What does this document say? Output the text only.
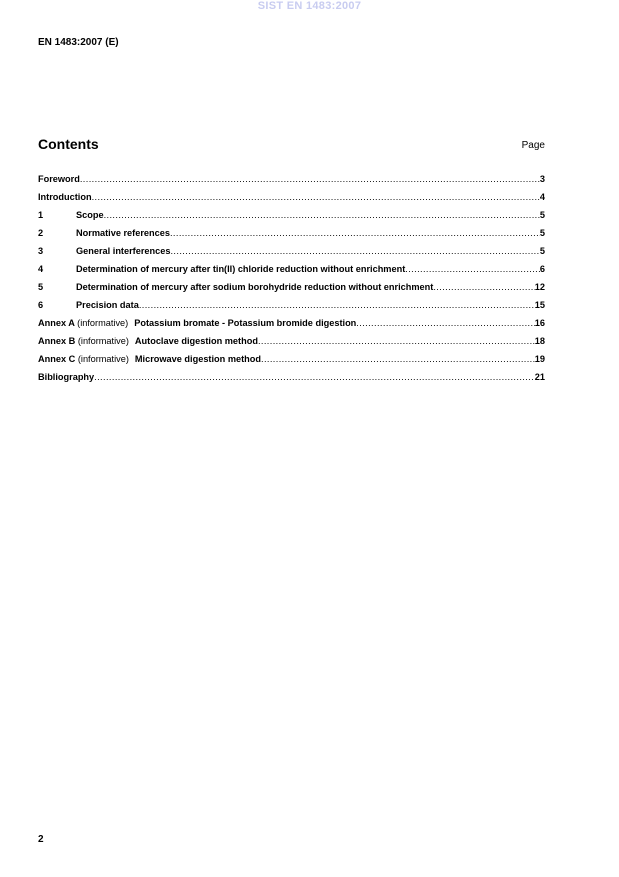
SIST EN 1483:2007
EN 1483:2007 (E)
Contents	Page
Foreword .....	3
Introduction .....	4
1	Scope .....	5
2	Normative references .....	5
3	General interferences .....	5
4	Determination of mercury after tin(II) chloride reduction without enrichment .....	6
5	Determination of mercury after sodium borohydride reduction without enrichment .....	12
6	Precision data .....	15
Annex A (informative) Potassium bromate - Potassium bromide digestion .....	16
Annex B (informative) Autoclave digestion method .....	18
Annex C (informative) Microwave digestion method .....	19
Bibliography .....	21
2
